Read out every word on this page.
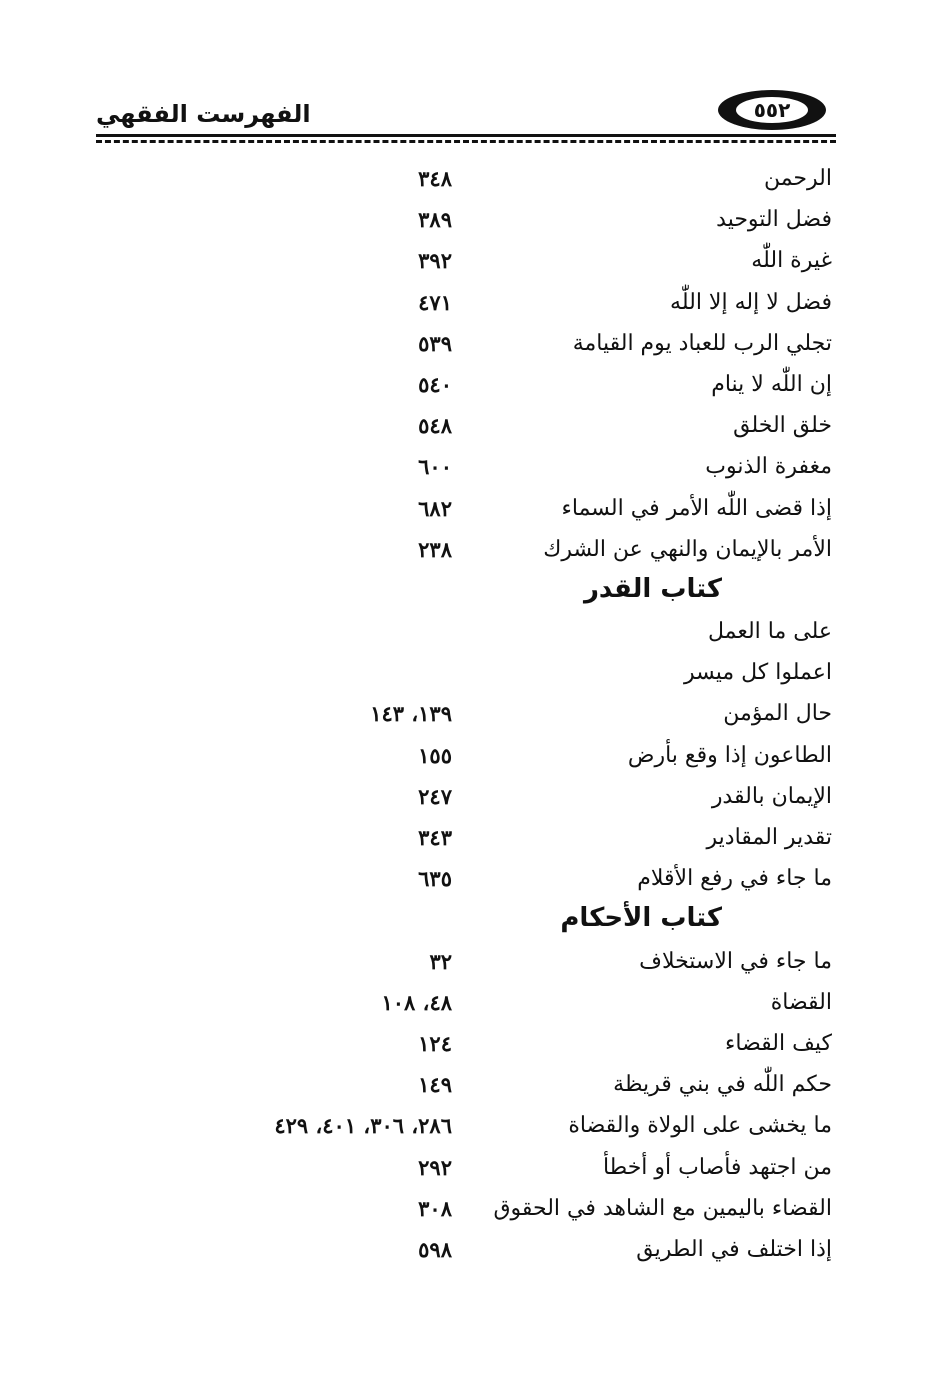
الفهرست الفقهي	٥٥٢
الرحمن
٣٤٨
فضل التوحيد
٣٨٩
غيرة اللّٰه
٣٩٢
فضل لا إله إلا اللّٰه
٤٧١
تجلي الرب للعباد يوم القيامة
٥٣٩
إن اللّٰه لا ينام
٥٤٠
خلق الخلق
٥٤٨
مغفرة الذنوب
٦٠٠
إذا قضى اللّٰه الأمر في السماء
٦٨٢
الأمر بالإيمان والنهي عن الشرك
٢٣٨
كتاب القدر
على ما العمل
اعملوا كل ميسر
حال المؤمن
١٣٩، ١٤٣
الطاعون إذا وقع بأرض
١٥٥
الإيمان بالقدر
٢٤٧
تقدير المقادير
٣٤٣
ما جاء في رفع الأقلام
٦٣٥
كتاب الأحكام
ما جاء في الاستخلاف
٣٢
القضاة
٤٨، ١٠٨
كيف القضاء
١٢٤
حكم اللّٰه في بني قريظة
١٤٩
ما يخشى على الولاة والقضاة
٢٨٦، ٣٠٦، ٤٠١، ٤٢٩
من اجتهد فأصاب أو أخطأ
٢٩٢
القضاء باليمين مع الشاهد في الحقوق
٣٠٨
إذا اختلف في الطريق
٥٩٨
